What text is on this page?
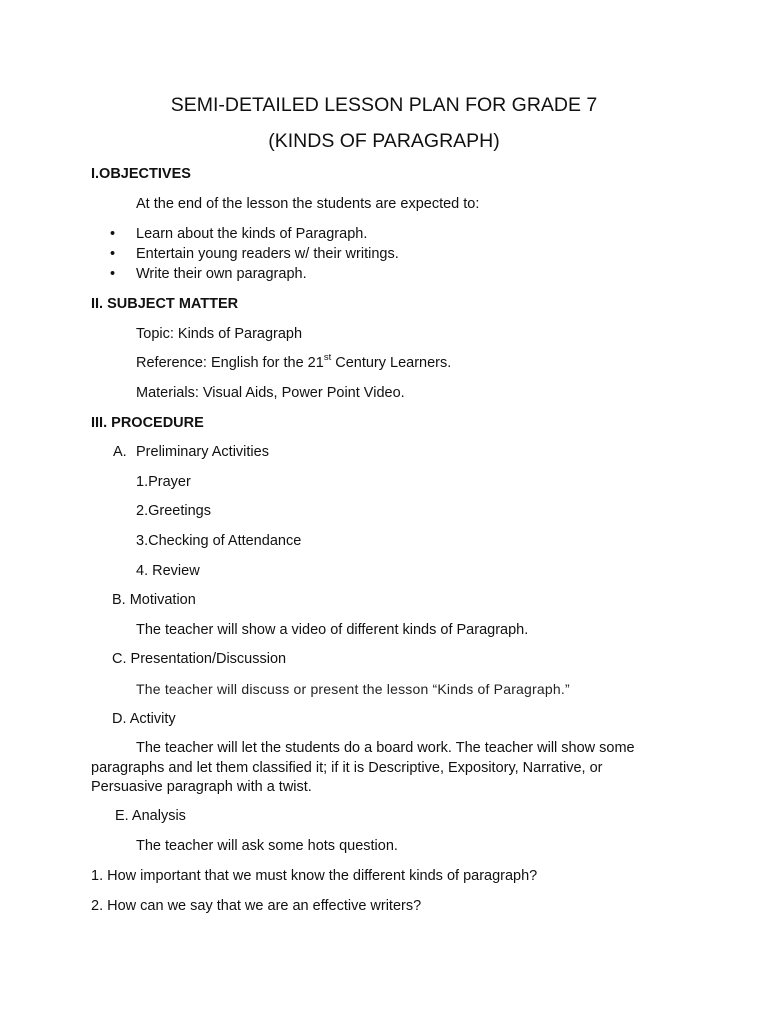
SEMI-DETAILED LESSON PLAN FOR GRADE 7
(KINDS OF PARAGRAPH)
I.OBJECTIVES
At the end of the lesson the students are expected to:
• Learn about the kinds of Paragraph.
• Entertain young readers w/ their writings.
• Write their own paragraph.
II. SUBJECT MATTER
Topic: Kinds of Paragraph
Reference: English for the 21st Century Learners.
Materials: Visual Aids, Power Point Video.
III. PROCEDURE
A. Preliminary Activities
1.Prayer
2.Greetings
3.Checking of Attendance
4. Review
B. Motivation
The teacher will show a video of different kinds of Paragraph.
C. Presentation/Discussion
The teacher will discuss or present the lesson “Kinds of Paragraph.”
D. Activity
The teacher will let the students do a board work. The teacher will show some
paragraphs and let them classified it; if it is Descriptive, Expository, Narrative, or
Persuasive paragraph with a twist.
E. Analysis
The teacher will ask some hots question.
1. How important that we must know the different kinds of paragraph?
2. How can we say that we are an effective writers?
